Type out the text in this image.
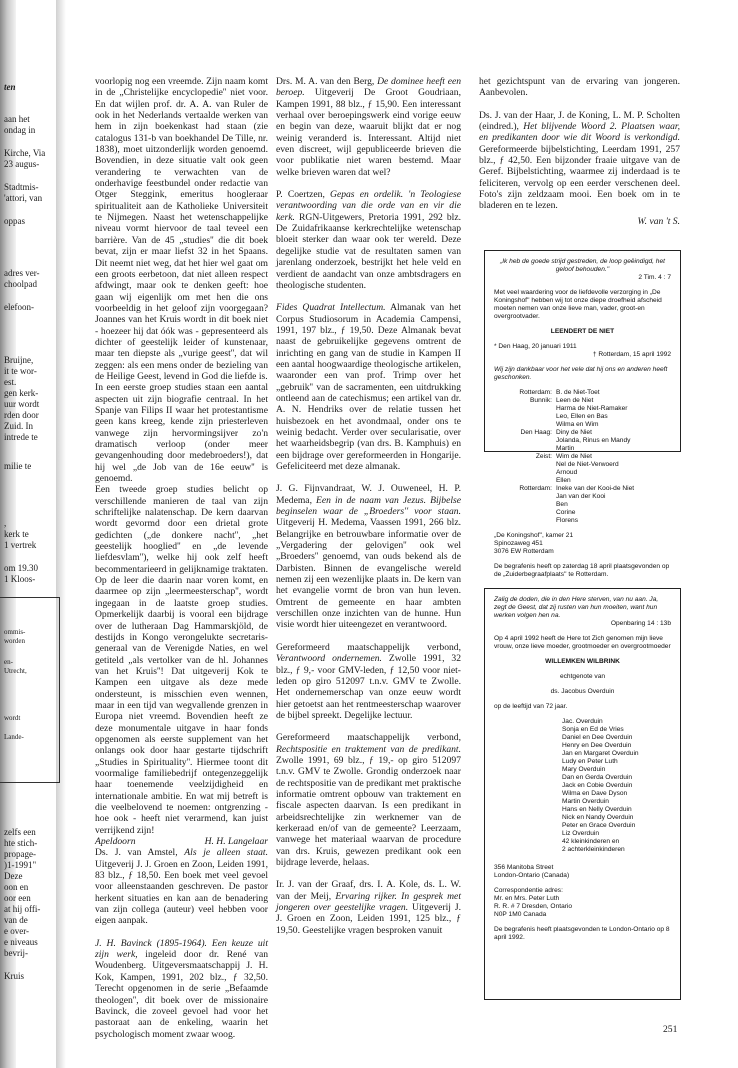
ten
aan het
ondag in
Kirche, Via
23 augus-
Stadtmis-
'attori, van
oppas
adres ver-
choolpad
elefoon-
Bruijne,
it te wor-
est.
gen kerk-
uur wordt
rden door
Zuid. In
intrede te
milie te
,
kerk te
1 vertrek
om 19.30
1 Kloos-
ommis-
worden
en-
Utrecht,
wordt
Lande-
zelfs een
hte stich-
propage-
)1-1991"
Deze
oon en
oor een
at hij offi-
van de
e over-
e niveaus
bevrij-
Kruis

voorlopig nog een vreemde. Zijn naam komt in de „Christelijke encyclopedie'' niet voor. En dat wijlen prof. dr. A. A. van Ruler de ook in het Nederlands vertaalde werken van hem in zijn boekenkast had staan (zie catalogus 131-b van boekhandel De Tille, nr. 1838), moet uitzonderlijk worden genoemd. Bovendien, in deze situatie valt ook geen verandering te verwachten van de onderhavige feestbundel onder redactie van Otger Steggink, emeritus hoogleraar spiritualiteit aan de Katholieke Universiteit te Nijmegen. Naast het wetenschappelijke niveau vormt hiervoor de taal teveel een barrière. Van de 45 „studies'' die dit boek bevat, zijn er maar liefst 32 in het Spaans. Dit neemt niet weg, dat het hier wel gaat om een groots eerbetoon, dat niet alleen respect afdwingt, maar ook te denken geeft: hoe gaan wij eigenlijk om met hen die ons voorbeeldig in het geloof zijn voorgegaan? Joannes van het Kruis wordt in dit boek niet - hoezeer hij dat óók was - gepresenteerd als dichter of geestelijk leider of kunstenaar, maar ten diepste als „vurige geest'', dat wil zeggen: als een mens onder de bezieling van de Heilige Geest, levend in God die liefde is.

In een eerste groep studies staan een aantal aspecten uit zijn biografie centraal. In het Spanje van Filips II waar het protestantisme geen kans kreeg, kende zijn priesterleven vanwege zijn hervormingsijver zo'n dramatisch verloop (onder meer gevangenhouding door medebroeders!), dat hij wel „de Job van de 16e eeuw'' is genoemd.

Een tweede groep studies belicht op verschillende manieren de taal van zijn schriftelijke nalatenschap. De kern daarvan wordt gevormd door een drietal grote gedichten („de donkere nacht'', „het geestelijk hooglied'' en „de levende liefdesvlam''), welke hij ook zelf heeft becommentarieerd in gelijknamige traktaten. Op de leer die daarin naar voren komt, en daarmee op zijn „leermeesterschap'', wordt ingegaan in de laatste groep studies. Opmerkelijk daarbij is vooral een bijdrage over de lutheraan Dag Hammarskjöld, de destijds in Kongo verongelukte secretaris-generaal van de Verenigde Naties, en wel getiteld „als vertolker van de hl. Johannes van het Kruis''! Dat uitgeverij Kok te Kampen een uitgave als deze mede ondersteunt, is misschien even wennen, maar in een tijd van wegvallende grenzen in Europa niet vreemd. Bovendien heeft ze deze monumentale uitgave in haar fonds opgenomen als eerste supplement van het onlangs ook door haar gestarte tijdschrift „Studies in Spirituality''. Hiermee toont dit voormalige familiebedrijf ontegenzeggelijk haar toenemende veelzijdigheid en internationale ambitie. En wat mij betreft is die veelbelovend te noemen: ontgrenzing - hoe ook - heeft niet verarmend, kan juist verrijkend zijn!

Apeldoorn	H. H. Langelaar

Ds. J. van Amstel, Als je alleen staat. Uitgeverij J. J. Groen en Zoon, Leiden 1991, 83 blz., ƒ 18,50. Een boek met veel gevoel voor alleenstaanden geschreven. De pastor herkent situaties en kan aan de benadering van zijn collega (auteur) veel hebben voor eigen aanpak.

J. H. Bavinck (1895-1964). Een keuze uit zijn werk, ingeleid door dr. René van Woudenberg. Uitgeversmaatschappij J. H. Kok, Kampen, 1991, 202 blz., ƒ 32,50. Terecht opgenomen in de serie „Befaamde theologen'', dit boek over de missionaire Bavinck, die zoveel gevoel had voor het pastoraat aan de enkeling, waarin het psychologisch moment zwaar woog.

Drs. M. A. van den Berg, De dominee heeft een beroep. Uitgeverij De Groot Goudriaan, Kampen 1991, 88 blz., ƒ 15,90. Een interessant verhaal over beroepingswerk eind vorige eeuw en begin van deze, waaruit blijkt dat er nog weinig veranderd is. Interessant. Altijd niet even discreet, wijl gepubliceerde brieven die voor publikatie niet waren bestemd. Maar welke brieven waren dat wel?

P. Coertzen, Gepas en ordelik. 'n Teologiese verantwoording van die orde van en vir die kerk. RGN-Uitgewers, Pretoria 1991, 292 blz. De Zuidafrikaanse kerkrechtelijke wetenschap bloeit sterker dan waar ook ter wereld. Deze degelijke studie vat de resultaten samen van jarenlang onderzoek, bestrijkt het hele veld en verdient de aandacht van onze ambtsdragers en theologische studenten.

Fides Quadrat Intellectum. Almanak van het Corpus Studiosorum in Academia Campensi, 1991, 197 blz., ƒ 19,50. Deze Almanak bevat naast de gebruikelijke gegevens omtrent de inrichting en gang van de studie in Kampen II een aantal hoogwaardige theologische artikelen, waaronder een van prof. Trimp over het „gebruik'' van de sacramenten, een uitdrukking ontleend aan de catechismus; een artikel van dr. A. N. Hendriks over de relatie tussen het huisbezoek en het avondmaal, onder ons te weinig bedacht. Verder over secularisatie, over het waarheidsbegrip (van drs. B. Kamphuis) en een bijdrage over gereformeerden in Hongarije. Gefeliciteerd met deze almanak.

J. G. Fijnvandraat, W. J. Ouweneel, H. P. Medema, Een in de naam van Jezus. Bijbelse beginselen waar de „Broeders'' voor staan. Uitgeverij H. Medema, Vaassen 1991, 266 blz. Belangrijke en betrouwbare informatie over de „Vergadering der gelovigen'' ook wel „Broeders'' genoemd, van ouds bekend als de Darbisten. Binnen de evangelische wereld nemen zij een wezenlijke plaats in. De kern van het evangelie vormt de bron van hun leven. Omtrent de gemeente en haar ambten verschillen onze inzichten van de hunne. Hun visie wordt hier uiteengezet en verantwoord.

Gereformeerd maatschappelijk verbond, Verantwoord ondernemen. Zwolle 1991, 32 blz., ƒ 9,- voor GMV-leden, ƒ 12,50 voor niet-leden op giro 512097 t.n.v. GMV te Zwolle. Het ondernemerschap van onze eeuw wordt hier getoetst aan het rentmeesterschap waarover de bijbel spreekt. Degelijke lectuur.

Gereformeerd maatschappelijk verbond, Rechtspositie en traktement van de predikant. Zwolle 1991, 69 blz., ƒ 19,- op giro 512097 t.n.v. GMV te Zwolle. Grondig onderzoek naar de rechtspositie van de predikant met praktische informatie omtrent opbouw van traktement en fiscale aspecten daarvan. Is een predikant in arbeidsrechtelijke zin werknemer van de kerkeraad en/of van de gemeente? Leerzaam, vanwege het materiaal waarvan de procedure van drs. Kruis, gewezen predikant ook een bijdrage leverde, helaas.

Ir. J. van der Graaf, drs. I. A. Kole, ds. L. W. van der Meij, Ervaring rijker. In gesprek met jongeren over geestelijke vragen. Uitgeverij J. J. Groen en Zoon, Leiden 1991, 125 blz., ƒ 19,50. Geestelijke vragen besproken vanuit

het gezichtspunt van de ervaring van jongeren. Aanbevolen.

Ds. J. van der Haar, J. de Koning, L. M. P. Scholten (eindred.), Het blijvende Woord 2. Plaatsen waar, en predikanten door wie dit Woord is verkondigd. Gereformeerde bijbelstichting, Leerdam 1991, 257 blz., ƒ 42,50. Een bijzonder fraaie uitgave van de Geref. Bijbelstichting, waarmee zij inderdaad is te feliciteren, vervolg op een eerder verschenen deel. Foto's zijn zeldzaam mooi. Een boek om in te bladeren en te lezen.

W. van 't S.

„Ik heb de goede strijd gestreden, de loop geëindigd, het geloof behouden.''

2 Tim. 4 : 7

Met veel waardering voor de liefdevolle verzorging in „De Koningshof'' hebben wij tot onze diepe droefheid afscheid moeten nemen van onze lieve man, vader, groot-en overgrootvader.

LEENDERT DE NIET

* Den Haag, 20 januari 1911

† Rotterdam, 15 april 1992

Wij zijn dankbaar voor het vele dat hij ons en anderen heeft geschonken.

Rotterdam: B. de Niet-Toet
Bunnik: Leen de Niet
Harma de Niet-Ramaker
Leo, Ellen en Bas
Wilma en Wim
Den Haag: Diny de Niet
Jolanda, Rinus en Mandy
Martin
Zeist: Wim de Niet
Nel de Niet-Verwoerd
Arnoud
Ellen
Rotterdam: Ineke van der Kooi-de Niet
Jan van der Kooi
Ben
Corine
Florens
„De Koningshof'', kamer 21
Spinozaweg 451
3076 EW Rotterdam

De begrafenis heeft op zaterdag 18 april plaatsgevonden op de „Zuiderbegraafplaats'' te Rotterdam.

Zalig de doden, die in den Here sterven, van nu aan. Ja, zegt de Geest, dat zij rusten van hun moeiten, want hun werken volgen hen na.

Openbaring 14 : 13b

Op 4 april 1992 heeft de Here tot Zich genomen mijn lieve vrouw, onze lieve moeder, grootmoeder en overgrootmoeder

WILLEMKEN WILBRINK

echtgenote van

ds. Jacobus Overduin

op de leeftijd van 72 jaar.

Jac. Overduin
Sonja en Ed de Vries
Daniel en Dee Overduin
Henry en Dee Overduin
Jan en Margaret Overduin
Ludy en Peter Luth
Mary Overduin
Dan en Gerda Overduin
Jack en Cobie Overduin
Wilma en Dave Dyson
Martin Overduin
Hans en Nelly Overduin
Nick en Nandy Overduin
Peter en Grace Overduin
Liz Overduin
42 kleinkinderen en
2 achterkleinkinderen
356 Manitoba Street
London-Ontario (Canada)
Correspondentie adres:
Mr. en Mrs. Peter Luth
R. R. # 7 Dresden, Ontario
N0P 1M0 Canada

De begrafenis heeft plaatsgevonden te London-Ontario op 8 april 1992.

251
